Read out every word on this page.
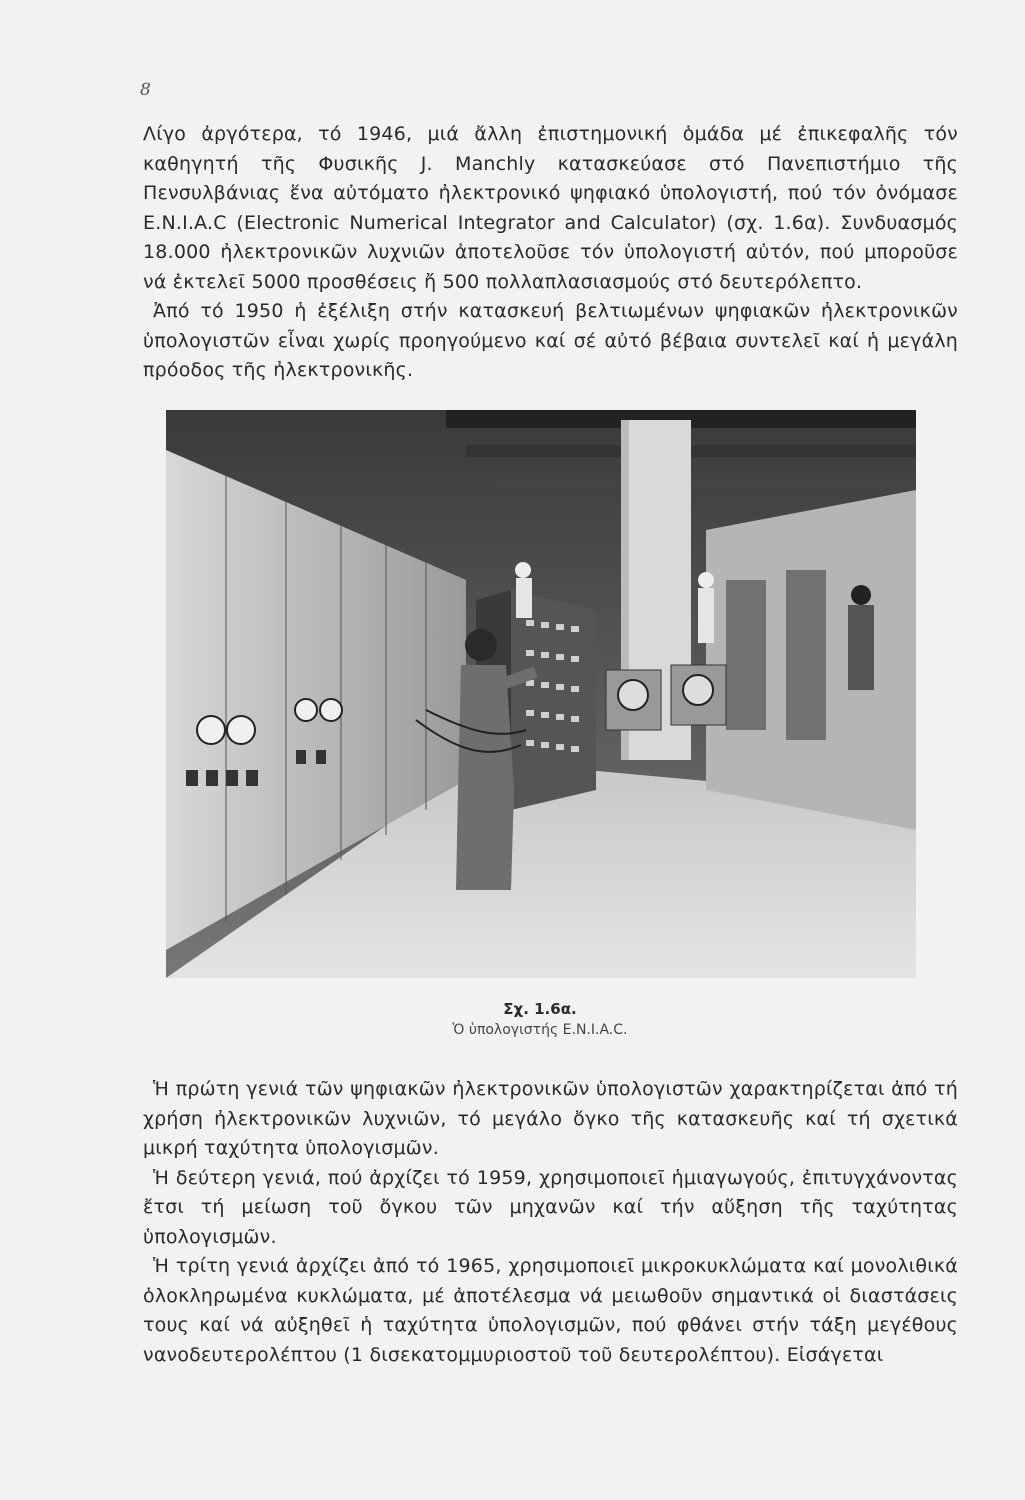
8

Λίγο ἀργότερα, τό 1946, μιά ἄλλη ἐπιστημονική ὁμάδα μέ ἐπικεφαλῆς τόν καθηγητή τῆς Φυσικῆς J. Manchly κατασκεύασε στό Πανεπιστήμιο τῆς Πενσυλβάνιας ἕνα αὐτόματο ἠλεκτρονικό ψηφιακό ὑπολογιστή, πού τόν ὀνόμασε E.N.I.A.C (Electronic Numerical Integrator and Calculator) (σχ. 1.6α). Συνδυασμός 18.000 ἠλεκτρονικῶν λυχνιῶν ἀποτελοῦσε τόν ὑπολογιστή αὐτόν, πού μποροῦσε νά ἐκτελεῖ 5000 προσθέσεις ἤ 500 πολλαπλασιασμούς στό δευτερόλεπτο.

Ἀπό τό 1950 ἡ ἐξέλιξη στήν κατασκευή βελτιωμένων ψηφιακῶν ἠλεκτρονικῶν ὑπολογιστῶν εἶναι χωρίς προηγούμενο καί σέ αὐτό βέβαια συντελεῖ καί ἡ μεγάλη πρόοδος τῆς ἠλεκτρονικῆς.

Σχ. 1.6α.
Ὁ ὑπολογιστής E.N.I.A.C.

Ἡ πρώτη γενιά τῶν ψηφιακῶν ἠλεκτρονικῶν ὑπολογιστῶν χαρακτηρίζεται ἀπό τή χρήση ἠλεκτρονικῶν λυχνιῶν, τό μεγάλο ὄγκο τῆς κατασκευῆς καί τή σχετικά μικρή ταχύτητα ὑπολογισμῶν.

Ἡ δεύτερη γενιά, πού ἀρχίζει τό 1959, χρησιμοποιεῖ ἡμιαγωγούς, ἐπιτυγχάνοντας ἔτσι τή μείωση τοῦ ὄγκου τῶν μηχανῶν καί τήν αὔξηση τῆς ταχύτητας ὑπολογισμῶν.

Ἡ τρίτη γενιά ἀρχίζει ἀπό τό 1965, χρησιμοποιεῖ μικροκυκλώματα καί μονολιθικά ὁλοκληρωμένα κυκλώματα, μέ ἀποτέλεσμα νά μειωθοῦν σημαντικά οἱ διαστάσεις τους καί νά αὐξηθεῖ ἡ ταχύτητα ὑπολογισμῶν, πού φθάνει στήν τάξη μεγέθους νανοδευτερολέπτου (1 δισεκατομμυριοστοῦ τοῦ δευτερολέπτου). Εἰσάγεται
